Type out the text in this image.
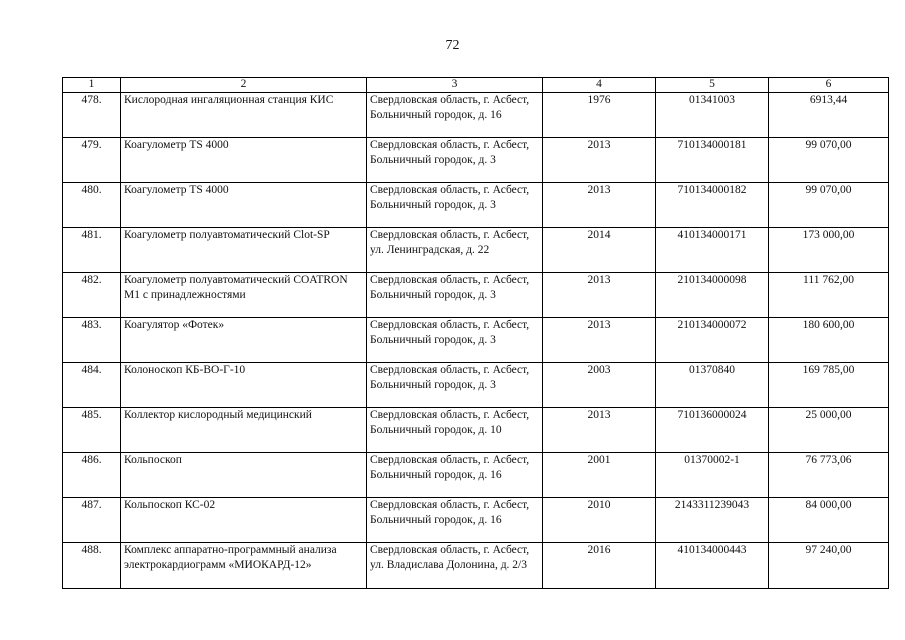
72
1	2	3	4	5	6
478.	Кислородная ингаляционная станция КИС	Свердловская область, г. Асбест, Больничный городок, д. 16	1976	01341003	6913,44
479.	Коагулометр TS 4000	Свердловская область, г. Асбест, Больничный городок, д. 3	2013	710134000181	99 070,00
480.	Коагулометр TS 4000	Свердловская область, г. Асбест, Больничный городок, д. 3	2013	710134000182	99 070,00
481.	Коагулометр полуавтоматический Clot-SP	Свердловская область, г. Асбест, ул. Ленинградская, д. 22	2014	410134000171	173 000,00
482.	Коагулометр полуавтоматический COATRON M1 с принадлежностями	Свердловская область, г. Асбест, Больничный городок, д. 3	2013	210134000098	111 762,00
483.	Коагулятор «Фотек»	Свердловская область, г. Асбест, Больничный городок, д. 3	2013	210134000072	180 600,00
484.	Колоноскоп КБ-ВО-Г-10	Свердловская область, г. Асбест, Больничный городок, д. 3	2003	01370840	169 785,00
485.	Коллектор кислородный медицинский	Свердловская область, г. Асбест, Больничный городок, д. 10	2013	710136000024	25 000,00
486.	Кольпоскоп	Свердловская область, г. Асбест, Больничный городок, д. 16	2001	01370002-1	76 773,06
487.	Кольпоскоп КС-02	Свердловская область, г. Асбест, Больничный городок, д. 16	2010	2143311239043	84 000,00
488.	Комплекс аппаратно-программный анализа электрокардиограмм «МИОКАРД-12»	Свердловская область, г. Асбест, ул. Владислава Долонина, д. 2/3	2016	410134000443	97 240,00
